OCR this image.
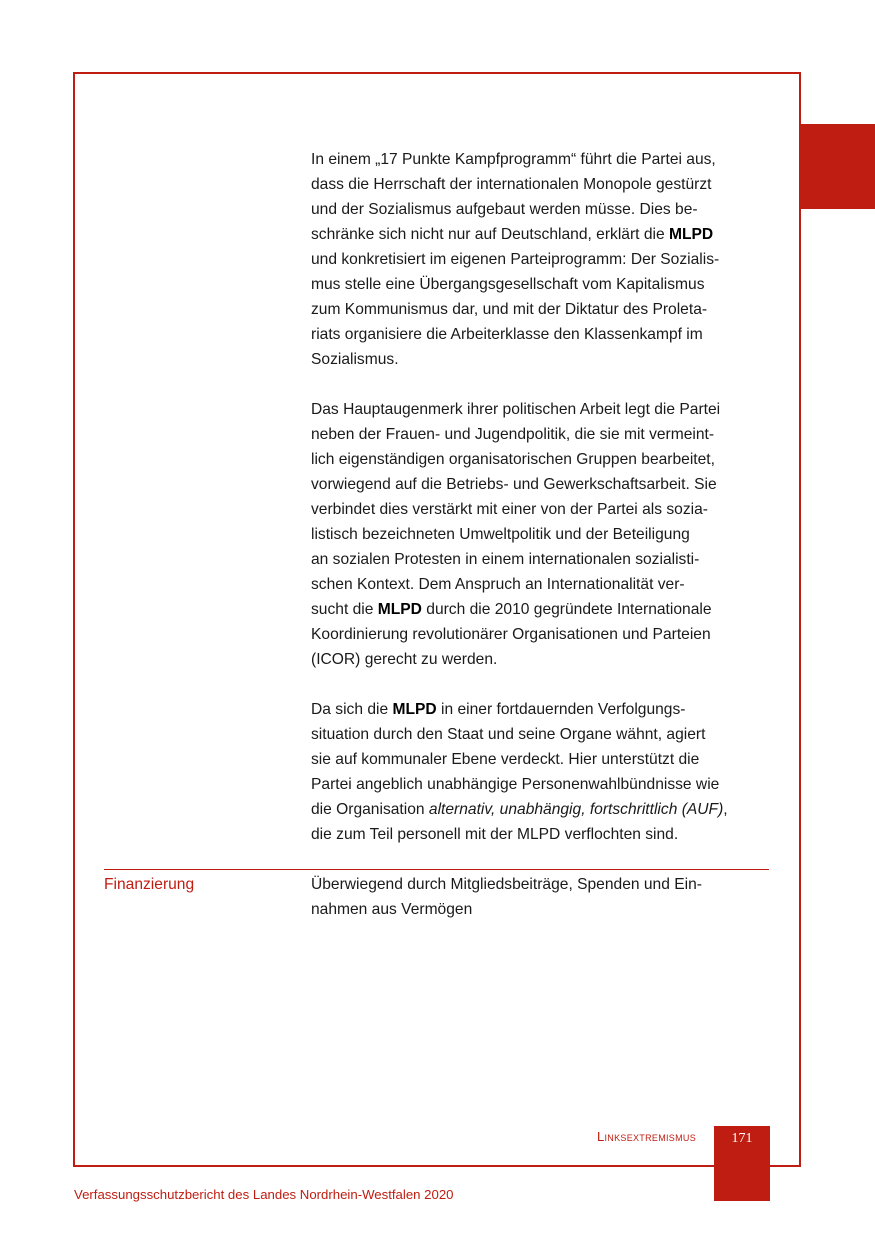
In einem „17 Punkte Kampfprogramm“ führt die Partei aus,
dass die Herrschaft der internationalen Monopole gestürzt
und der Sozialismus aufgebaut werden müsse. Dies be-
schränke sich nicht nur auf Deutschland, erklärt die MLPD
und konkretisiert im eigenen Parteiprogramm: Der Sozialis-
mus stelle eine Übergangsgesellschaft vom Kapitalismus
zum Kommunismus dar, und mit der Diktatur des Proleta-
riats organisiere die Arbeiterklasse den Klassenkampf im
Sozialismus.

Das Hauptaugenmerk ihrer politischen Arbeit legt die Partei
neben der Frauen- und Jugendpolitik, die sie mit vermeint-
lich eigenständigen organisatorischen Gruppen bearbeitet,
vorwiegend auf die Betriebs- und Gewerkschaftsarbeit. Sie
verbindet dies verstärkt mit einer von der Partei als sozia-
listisch bezeichneten Umweltpolitik und der Beteiligung
an sozialen Protesten in einem internationalen sozialisti-
schen Kontext. Dem Anspruch an Internationalität ver-
sucht die MLPD durch die 2010 gegründete Internationale
Koordinierung revolutionärer Organisationen und Parteien
(ICOR) gerecht zu werden.

Da sich die MLPD in einer fortdauernden Verfolgungs-
situation durch den Staat und seine Organe wähnt, agiert
sie auf kommunaler Ebene verdeckt. Hier unterstützt die
Partei angeblich unabhängige Personenwahlbündnisse wie
die Organisation alternativ, unabhängig, fortschrittlich (AUF),
die zum Teil personell mit der MLPD verflochten sind.

Finanzierung	Überwiegend durch Mitgliedsbeiträge, Spenden und Ein-
nahmen aus Vermögen
Linksextremismus	171
Verfassungsschutzbericht des Landes Nordrhein-Westfalen 2020
